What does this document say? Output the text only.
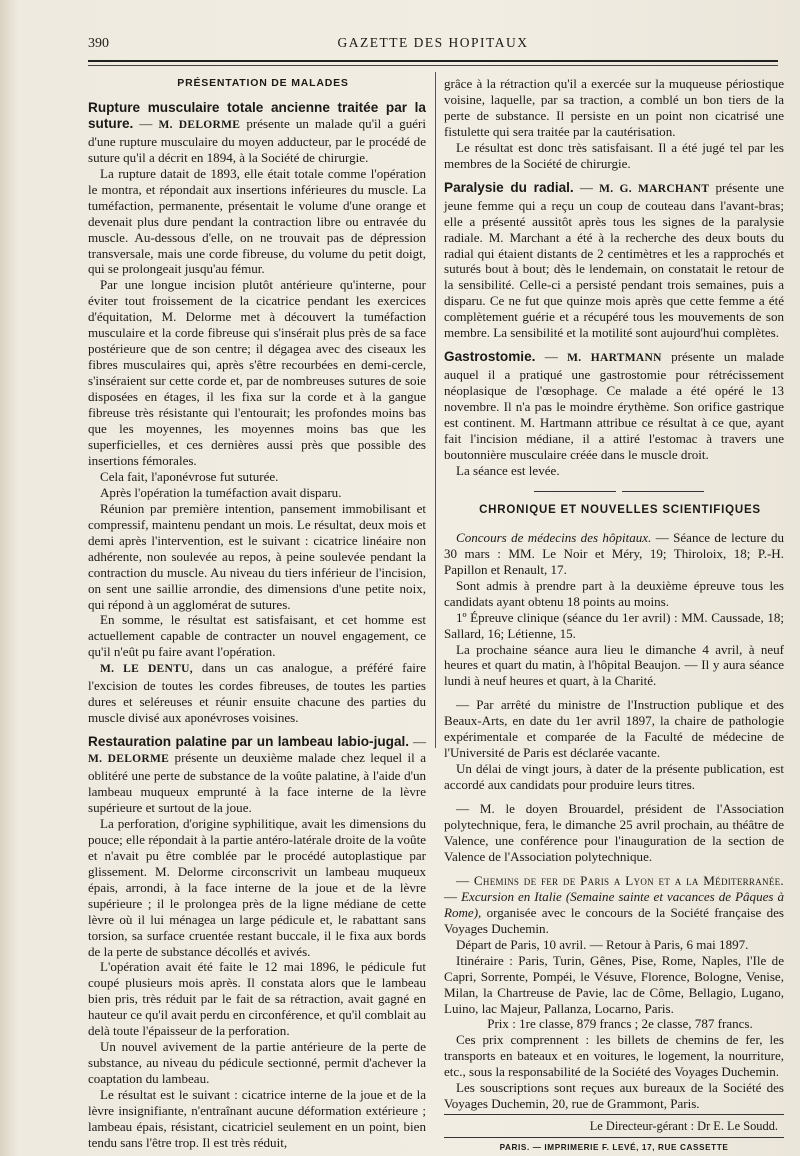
390	GAZETTE DES HOPITAUX

PRÉSENTATION DE MALADES

Rupture musculaire totale ancienne traitée par la suture. — M. DELORME présente un malade qu'il a guéri d'une rupture musculaire du moyen adducteur, par le procédé de suture qu'il a décrit en 1894, à la Société de chirurgie.

La rupture datait de 1893, elle était totale comme l'opération le montra, et répondait aux insertions inférieures du muscle. La tuméfaction, permanente, présentait le volume d'une orange et devenait plus dure pendant la contraction libre ou entravée du muscle. Au-dessous d'elle, on ne trouvait pas de dépression transversale, mais une corde fibreuse, du volume du petit doigt, qui se prolongeait jusqu'au fémur.

Par une longue incision plutôt antérieure qu'interne, pour éviter tout froissement de la cicatrice pendant les exercices d'équitation, M. Delorme met à découvert la tuméfaction musculaire et la corde fibreuse qui s'insérait plus près de sa face postérieure que de son centre; il dégagea avec des ciseaux les fibres musculaires qui, après s'être recourbées en demi-cercle, s'inséraient sur cette corde et, par de nombreuses sutures de soie disposées en étages, il les fixa sur la corde et à la gangue fibreuse très résistante qui l'entourait; les profondes moins bas que les moyennes, les moyennes moins bas que les superficielles, et ces dernières aussi près que possible des insertions fémorales.

Cela fait, l'aponévrose fut suturée.

Après l'opération la tuméfaction avait disparu.

Réunion par première intention, pansement immobilisant et compressif, maintenu pendant un mois. Le résultat, deux mois et demi après l'intervention, est le suivant : cicatrice linéaire non adhérente, non soulevée au repos, à peine soulevée pendant la contraction du muscle. Au niveau du tiers inférieur de l'incision, on sent une saillie arrondie, des dimensions d'une petite noix, qui répond à un agglomérat de sutures.

En somme, le résultat est satisfaisant, et cet homme est actuellement capable de contracter un nouvel engagement, ce qu'il n'eût pu faire avant l'opération.

M. LE DENTU, dans un cas analogue, a préféré faire l'excision de toutes les cordes fibreuses, de toutes les parties dures et seléreuses et réunir ensuite chacune des parties du muscle divisé aux aponévroses voisines.

Restauration palatine par un lambeau labio-jugal. — M. DELORME présente un deuxième malade chez lequel il a oblitéré une perte de substance de la voûte palatine, à l'aide d'un lambeau muqueux emprunté à la face interne de la lèvre supérieure et surtout de la joue.

La perforation, d'origine syphilitique, avait les dimensions du pouce; elle répondait à la partie antéro-latérale droite de la voûte et n'avait pu être comblée par le procédé autoplastique par glissement. M. Delorme circonscrivit un lambeau muqueux épais, arrondi, à la face interne de la joue et de la lèvre supérieure ; il le prolongea près de la ligne médiane de cette lèvre où il lui ménagea un large pédicule et, le rabattant sans torsion, sa surface cruentée restant buccale, il le fixa aux bords de la perte de substance décollés et avivés.

L'opération avait été faite le 12 mai 1896, le pédicule fut coupé plusieurs mois après. Il constata alors que le lambeau bien pris, très réduit par le fait de sa rétraction, avait gagné en hauteur ce qu'il avait perdu en circonférence, et qu'il comblait au delà toute l'épaisseur de la perforation.

Un nouvel avivement de la partie antérieure de la perte de substance, au niveau du pédicule sectionné, permit d'achever la coaptation du lambeau.

Le résultat est le suivant : cicatrice interne de la joue et de la lèvre insignifiante, n'entraînant aucune déformation extérieure ; lambeau épais, résistant, cicatriciel seulement en un point, bien tendu sans l'être trop. Il est très réduit,

grâce à la rétraction qu'il a exercée sur la muqueuse périostique voisine, laquelle, par sa traction, a comblé un bon tiers de la perte de substance. Il persiste en un point non cicatrisé une fistulette qui sera traitée par la cautérisation.

Le résultat est donc très satisfaisant. Il a été jugé tel par les membres de la Société de chirurgie.

Paralysie du radial. — M. G. MARCHANT présente une jeune femme qui a reçu un coup de couteau dans l'avant-bras; elle a présenté aussitôt après tous les signes de la paralysie radiale. M. Marchant a été à la recherche des deux bouts du radial qui étaient distants de 2 centimètres et les a rapprochés et suturés bout à bout; dès le lendemain, on constatait le retour de la sensibilité. Celle-ci a persisté pendant trois semaines, puis a disparu. Ce ne fut que quinze mois après que cette femme a été complètement guérie et a récupéré tous les mouvements de son membre. La sensibilité et la motilité sont aujourd'hui complètes.

Gastrostomie. — M. HARTMANN présente un malade auquel il a pratiqué une gastrostomie pour rétrécissement néoplasique de l'œsophage. Ce malade a été opéré le 13 novembre. Il n'a pas le moindre érythème. Son orifice gastrique est continent. M. Hartmann attribue ce résultat à ce que, ayant fait l'incision médiane, il a attiré l'estomac à travers une boutonnière musculaire créée dans le muscle droit.

La séance est levée.

CHRONIQUE ET NOUVELLES SCIENTIFIQUES

Concours de médecins des hôpitaux. — Séance de lecture du 30 mars : MM. Le Noir et Méry, 19; Thiroloix, 18; P.-H. Papillon et Renault, 17.

Sont admis à prendre part à la deuxième épreuve tous les candidats ayant obtenu 18 points au moins.

1º Épreuve clinique (séance du 1er avril) : MM. Caussade, 18; Sallard, 16; Létienne, 15.

La prochaine séance aura lieu le dimanche 4 avril, à neuf heures et quart du matin, à l'hôpital Beaujon. — Il y aura séance lundi à neuf heures et quart, à la Charité.

— Par arrêté du ministre de l'Instruction publique et des Beaux-Arts, en date du 1er avril 1897, la chaire de pathologie expérimentale et comparée de la Faculté de médecine de l'Université de Paris est déclarée vacante.

Un délai de vingt jours, à dater de la présente publication, est accordé aux candidats pour produire leurs titres.

— M. le doyen Brouardel, président de l'Association polytechnique, fera, le dimanche 25 avril prochain, au théâtre de Valence, une conférence pour l'inauguration de la section de Valence de l'Association polytechnique.

— Chemins de fer de Paris a Lyon et a la Méditerranée. — Excursion en Italie (Semaine sainte et vacances de Pâques à Rome), organisée avec le concours de la Société française des Voyages Duchemin.

Départ de Paris, 10 avril. — Retour à Paris, 6 mai 1897.

Itinéraire : Paris, Turin, Gênes, Pise, Rome, Naples, l'Ile de Capri, Sorrente, Pompéi, le Vésuve, Florence, Bologne, Venise, Milan, la Chartreuse de Pavie, lac de Côme, Bellagio, Lugano, Luino, lac Majeur, Pallanza, Locarno, Paris.

Prix : 1re classe, 879 francs ; 2e classe, 787 francs.

Ces prix comprennent : les billets de chemins de fer, les transports en bateaux et en voitures, le logement, la nourriture, etc., sous la responsabilité de la Société des Voyages Duchemin.

Les souscriptions sont reçues aux bureaux de la Société des Voyages Duchemin, 20, rue de Grammont, Paris.

Le Directeur-gérant : Dr E. Le Soudd.

PARIS. — IMPRIMERIE F. LEVÉ, 17, RUE CASSETTE
